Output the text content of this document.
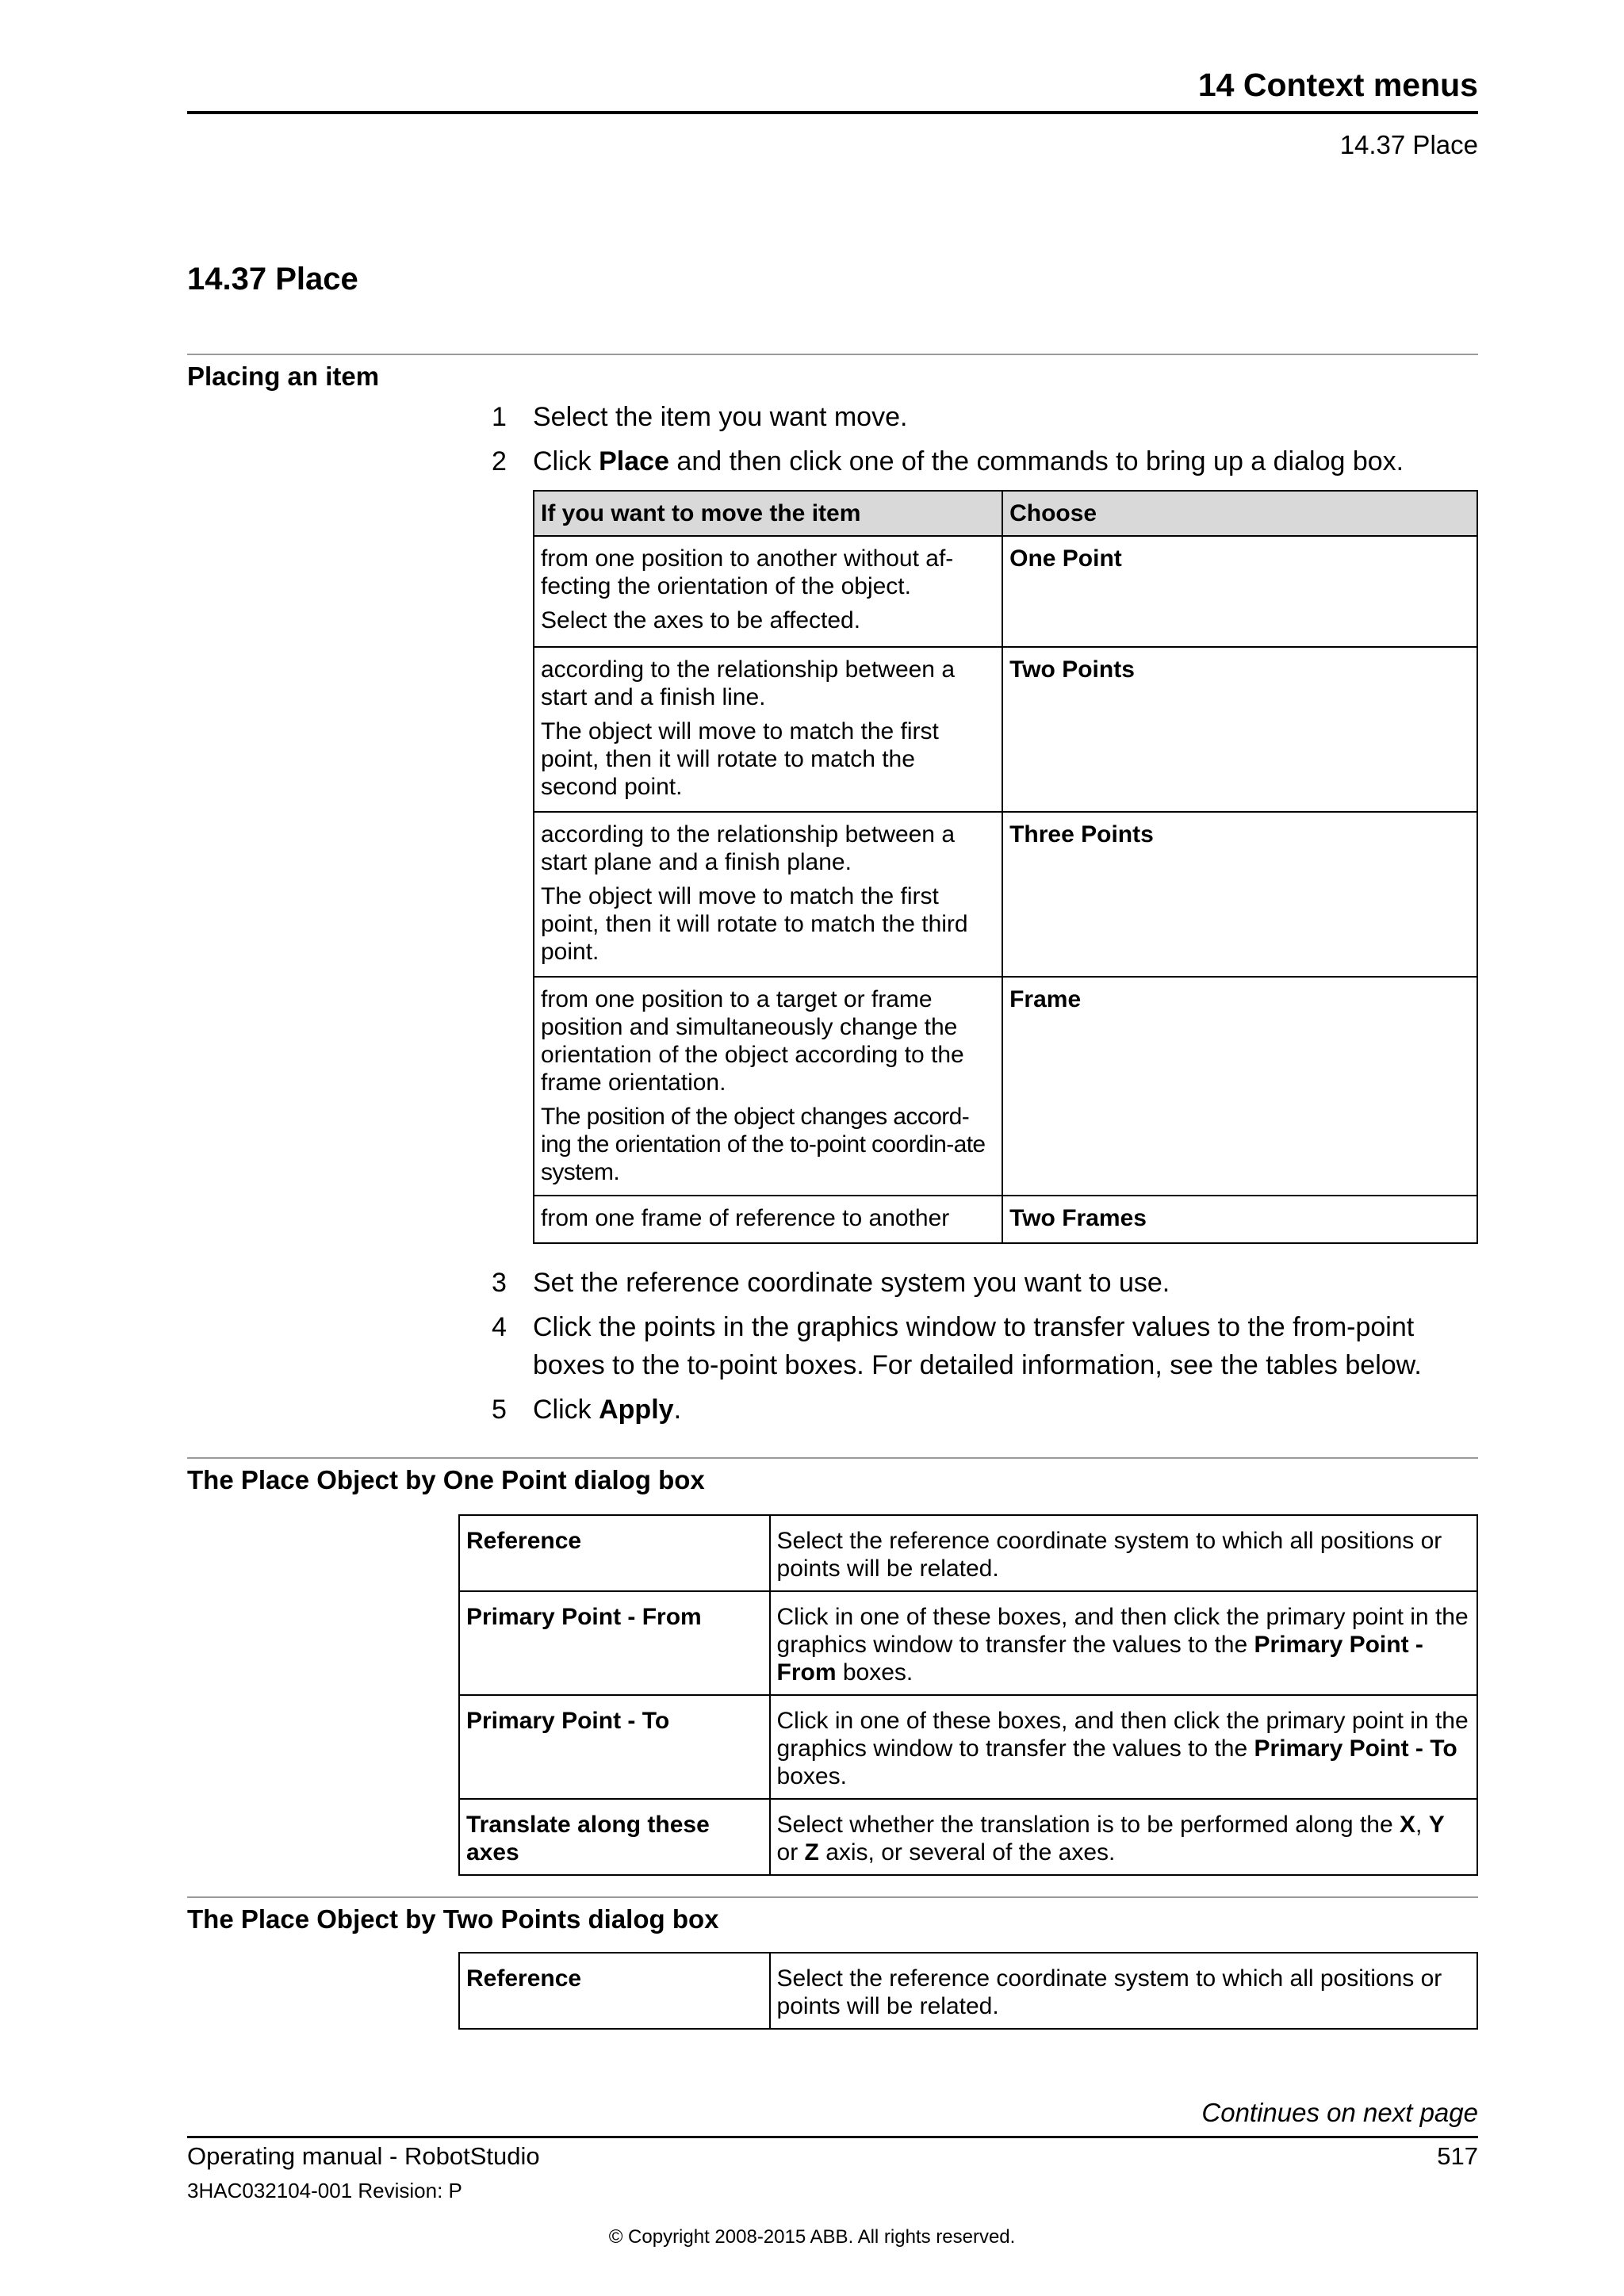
14 Context menus
14.37 Place
14.37 Place
Placing an item
1 Select the item you want move.
2 Click Place and then click one of the commands to bring up a dialog box.
If you want to move the item	Choose

from one position to another without af-fecting the orientation of the object.

Select the axes to be affected.	One Point

according to the relationship between a start and a finish line.

The object will move to match the first point, then it will rotate to match the second point.	Two Points

according to the relationship between a start plane and a finish plane.

The object will move to match the first point, then it will rotate to match the third point.	Three Points

from one position to a target or frame position and simultaneously change the orientation of the object according to the frame orientation.

The position of the object changes accord-ing the orientation of the to-point coordin-ate system.	Frame
from one frame of reference to another	Two Frames
3 Set the reference coordinate system you want to use.
4 Click the points in the graphics window to transfer values to the from-point boxes to the to-point boxes. For detailed information, see the tables below.
5 Click Apply.
The Place Object by One Point dialog box
Reference	Select the reference coordinate system to which all positions or points will be related.
Primary Point - From	Click in one of these boxes, and then click the primary point in the graphics window to transfer the values to the Primary Point - From boxes.
Primary Point - To	Click in one of these boxes, and then click the primary point in the graphics window to transfer the values to the Primary Point - To boxes.
Translate along these axes	Select whether the translation is to be performed along the X, Y or Z axis, or several of the axes.
The Place Object by Two Points dialog box
Reference	Select the reference coordinate system to which all positions or points will be related.
Continues on next page
Operating manual - RobotStudio	517
3HAC032104-001 Revision: P
© Copyright 2008-2015 ABB. All rights reserved.
